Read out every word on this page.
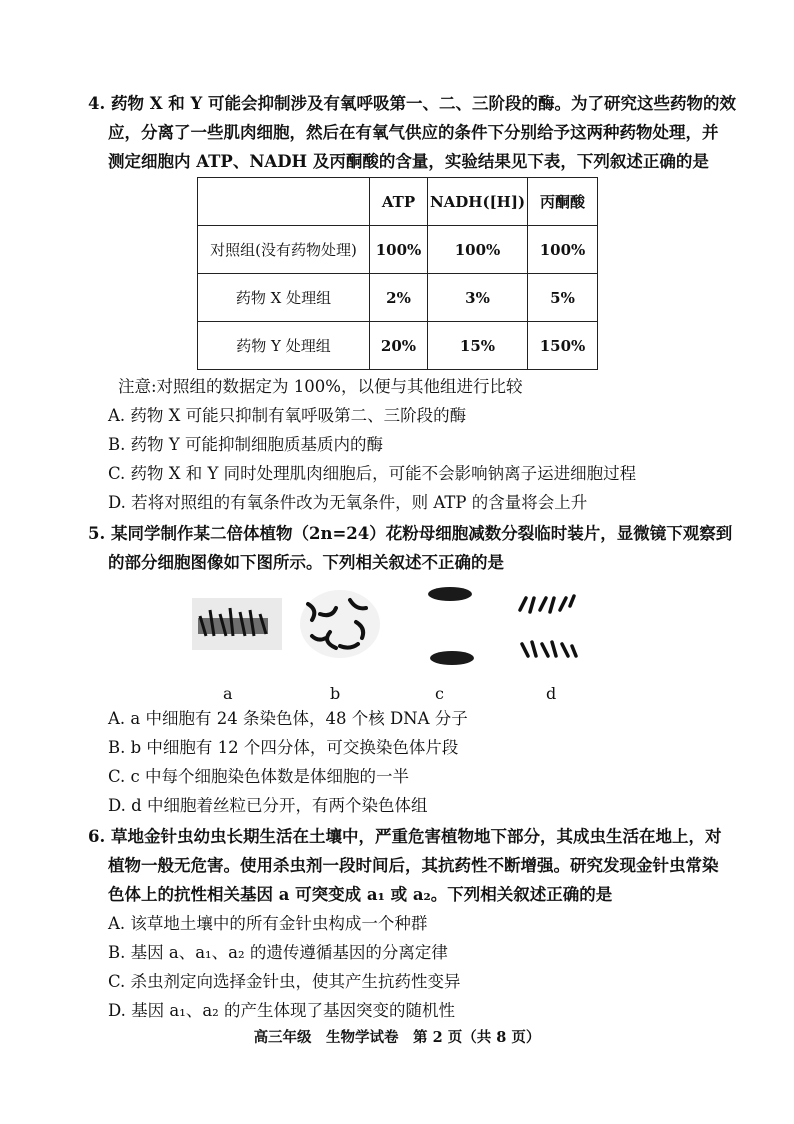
4. 药物 X 和 Y 可能会抑制涉及有氧呼吸第一、二、三阶段的酶。为了研究这些药物的效
应，分离了一些肌肉细胞，然后在有氧气供应的条件下分别给予这两种药物处理，并
测定细胞内 ATP、NADH 及丙酮酸的含量，实验结果见下表，下列叙述正确的是
	ATP	NADH([H])	丙酮酸
对照组(没有药物处理)	100%	100%	100%
药物 X 处理组	2%	3%	5%
药物 Y 处理组	20%	15%	150%
注意:对照组的数据定为 100%，以便与其他组进行比较
A. 药物 X 可能只抑制有氧呼吸第二、三阶段的酶
B. 药物 Y 可能抑制细胞质基质内的酶
C. 药物 X 和 Y 同时处理肌肉细胞后，可能不会影响钠离子运进细胞过程
D. 若将对照组的有氧条件改为无氧条件，则 ATP 的含量将会上升
5. 某同学制作某二倍体植物（2n=24）花粉母细胞减数分裂临时装片，显微镜下观察到
的部分细胞图像如下图所示。下列相关叙述不正确的是
a	b	c	d
A. a 中细胞有 24 条染色体，48 个核 DNA 分子
B. b 中细胞有 12 个四分体，可交换染色体片段
C. c 中每个细胞染色体数是体细胞的一半
D. d 中细胞着丝粒已分开，有两个染色体组
6. 草地金针虫幼虫长期生活在土壤中，严重危害植物地下部分，其成虫生活在地上，对
植物一般无危害。使用杀虫剂一段时间后，其抗药性不断增强。研究发现金针虫常染
色体上的抗性相关基因 a 可突变成 a₁ 或 a₂。下列相关叙述正确的是
A. 该草地土壤中的所有金针虫构成一个种群
B. 基因 a、a₁、a₂ 的遗传遵循基因的分离定律
C. 杀虫剂定向选择金针虫，使其产生抗药性变异
D. 基因 a₁、a₂ 的产生体现了基因突变的随机性
高三年级　生物学试卷　第 2 页（共 8 页）
